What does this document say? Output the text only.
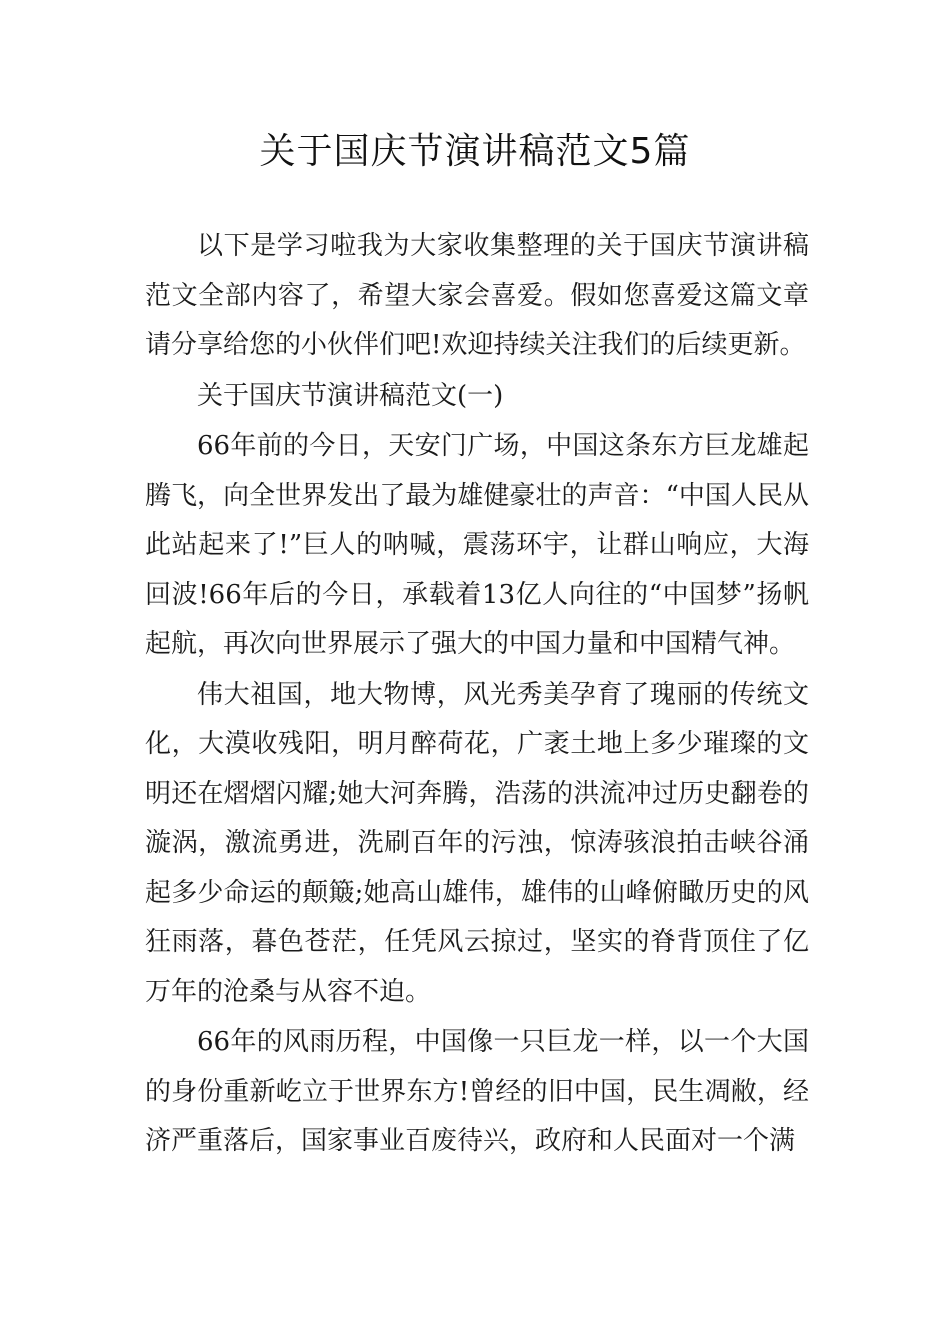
关于国庆节演讲稿范文5篇

以下是学习啦我为大家收集整理的关于国庆节演讲稿范文全部内容了，希望大家会喜爱。假如您喜爱这篇文章请分享给您的小伙伴们吧!欢迎持续关注我们的后续更新。

关于国庆节演讲稿范文(一)

66年前的今日，天安门广场，中国这条东方巨龙雄起腾飞，向全世界发出了最为雄健豪壮的声音：“中国人民从此站起来了!”巨人的呐喊，震荡环宇，让群山响应，大海回波!66年后的今日，承载着13亿人向往的“中国梦”扬帆起航，再次向世界展示了强大的中国力量和中国精气神。

伟大祖国，地大物博，风光秀美孕育了瑰丽的传统文化，大漠收残阳，明月醉荷花，广袤土地上多少璀璨的文明还在熠熠闪耀;她大河奔腾，浩荡的洪流冲过历史翻卷的漩涡，激流勇进，洗刷百年的污浊，惊涛骇浪拍击峡谷涌起多少命运的颠簸;她高山雄伟，雄伟的山峰俯瞰历史的风狂雨落，暮色苍茫，任凭风云掠过，坚实的脊背顶住了亿万年的沧桑与从容不迫。

66年的风雨历程，中国像一只巨龙一样，以一个大国的身份重新屹立于世界东方!曾经的旧中国，民生凋敝，经济严重落后，国家事业百废待兴，政府和人民面对一个满
